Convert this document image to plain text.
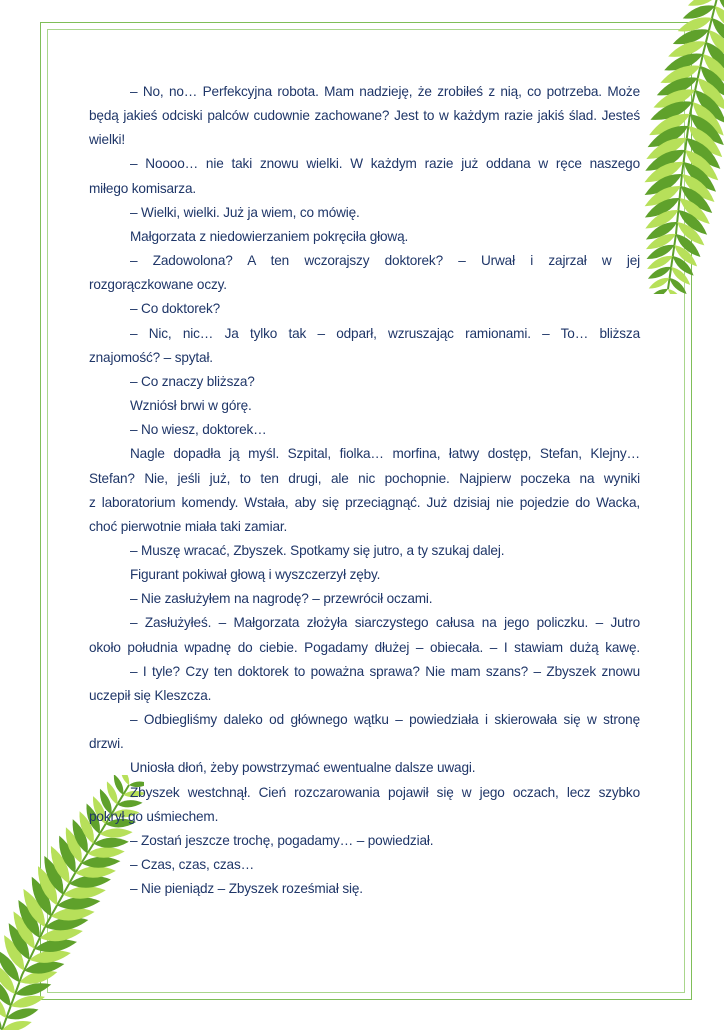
– No, no… Perfekcyjna robota. Mam nadzieję, że zrobiłeś z nią, co potrzeba. Może

będą jakieś odciski palców cudownie zachowane? Jest to w każdym razie jakiś ślad. Jesteś

wielki!

– Noooo… nie taki znowu wielki. W każdym razie już oddana w ręce naszego

miłego komisarza.

– Wielki, wielki. Już ja wiem, co mówię.

Małgorzata z niedowierzaniem pokręciła głową.

– Zadowolona? A ten wczorajszy doktorek? – Urwał i zajrzał w jej

rozgorączkowane oczy.

– Co doktorek?

– Nic, nic… Ja tylko tak – odparł, wzruszając ramionami. – To… bliższa

znajomość? – spytał.

– Co znaczy bliższa?

Wzniósł brwi w górę.

– No wiesz, doktorek…

Nagle dopadła ją myśl. Szpital, fiolka… morfina, łatwy dostęp, Stefan, Klejny…

Stefan? Nie, jeśli już, to ten drugi, ale nic pochopnie. Najpierw poczeka na wyniki

z laboratorium komendy. Wstała, aby się przeciągnąć. Już dzisiaj nie pojedzie do Wacka,

choć pierwotnie miała taki zamiar.

– Muszę wracać, Zbyszek. Spotkamy się jutro, a ty szukaj dalej.

Figurant pokiwał głową i wyszczerzył zęby.

– Nie zasłużyłem na nagrodę? – przewrócił oczami.

– Zasłużyłeś. – Małgorzata złożyła siarczystego całusa na jego policzku. – Jutro

około południa wpadnę do ciebie. Pogadamy dłużej – obiecała. – I stawiam dużą kawę.

– I tyle? Czy ten doktorek to poważna sprawa? Nie mam szans? – Zbyszek znowu

uczepił się Kleszcza.

– Odbiegliśmy daleko od głównego wątku – powiedziała i skierowała się w stronę

drzwi.

Uniosła dłoń, żeby powstrzymać ewentualne dalsze uwagi.

Zbyszek westchnął. Cień rozczarowania pojawił się w jego oczach, lecz szybko

pokrył go uśmiechem.

– Zostań jeszcze trochę, pogadamy… – powiedział.

– Czas, czas, czas…

– Nie pieniądz – Zbyszek roześmiał się.
